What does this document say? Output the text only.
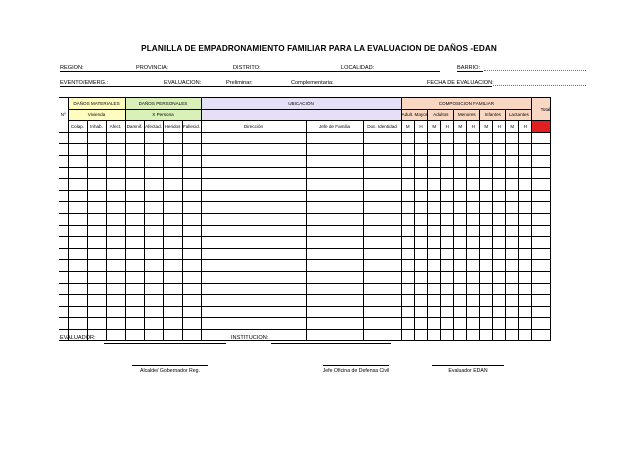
PLANILLA DE EMPADRONAMIENTO FAMILIAR PARA LA EVALUACION DE DAÑOS -EDAN
REGION:	PROVINCIA:	DISTRITO:	LOCALIDAD:	BARRIO:
EVENTO/EMERG.:	EVALUACION:	Preliminar:	Complementaria:	FECHA DE EVALUACION:
Nº	DAÑOS MATERIALES			DAÑOS PERSONALES				UBICACIÓN			COMPOSICION FAMILIAR										Total
	Vivienda			X Persona							Adult. Mayor		Adultos		Menores		Infantes		Lactantes		
	Colap.	Inhab.	Afect.	Damnif.	Afectad.	Heridos	Fallecid.	Dirección	Jefe de Familia	Doc. Identidad	M	H	M	H	M	H	M	H	M	H	

EVALUADOR:	INSTITUCION:
Alcalde/ Gobernador Reg.	Jefe Oficina de Defensa Civil	Evaluador EDAN
